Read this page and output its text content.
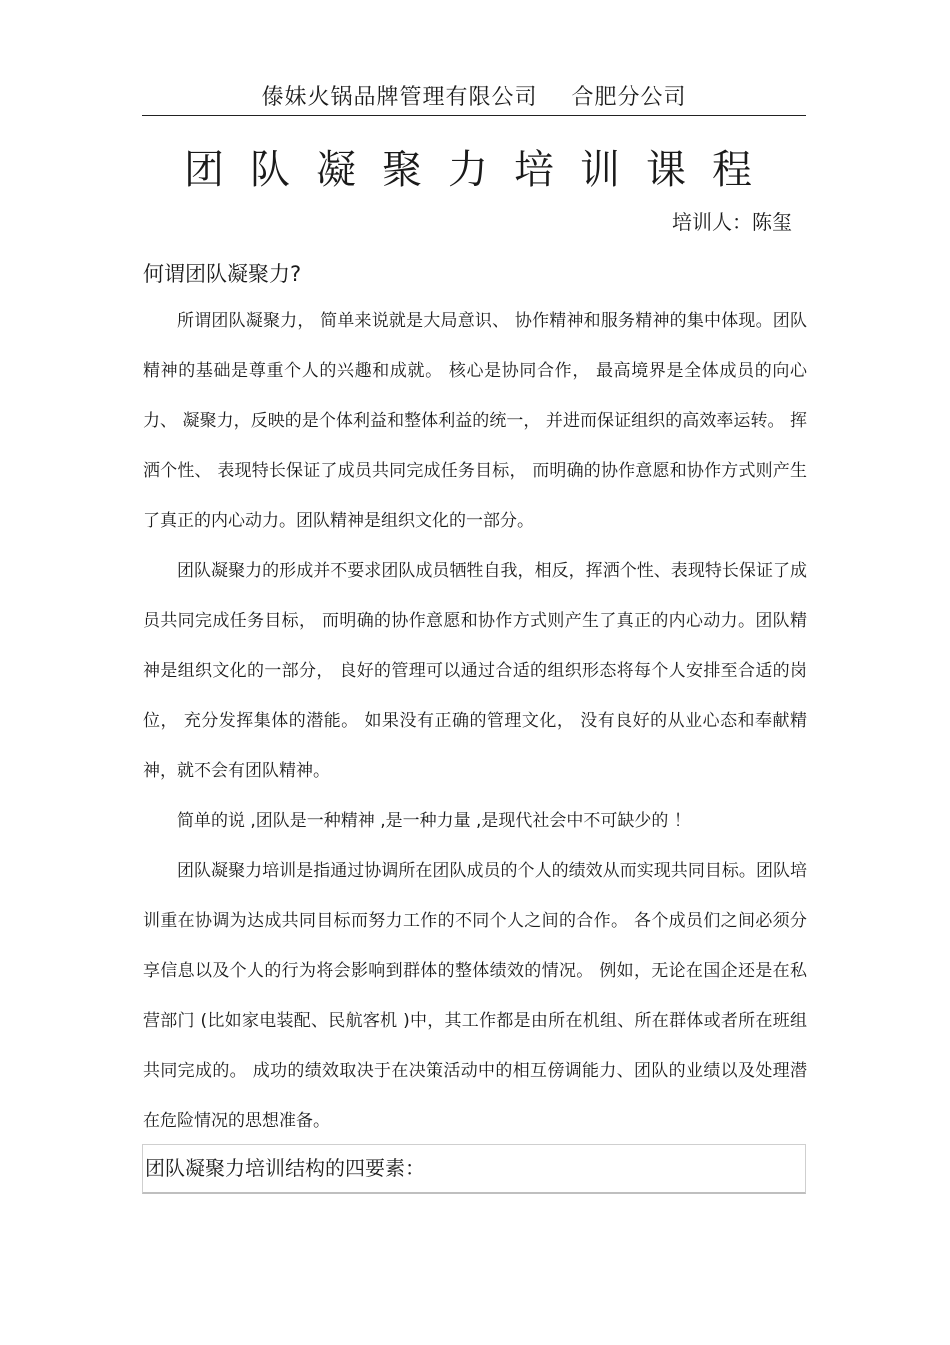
傣妹火锅品牌管理有限公司 合肥分公司
团队凝聚力培训课程
培训人：陈玺
何谓团队凝聚力?

所谓团队凝聚力， 简单来说就是大局意识、 协作精神和服务精神的集中体现。团队精神的基础是尊重个人的兴趣和成就。 核心是协同合作， 最高境界是全体成员的向心力、 凝聚力，反映的是个体利益和整体利益的统一， 并进而保证组织的高效率运转。 挥洒个性、 表现特长保证了成员共同完成任务目标， 而明确的协作意愿和协作方式则产生了真正的内心动力。团队精神是组织文化的一部分。

团队凝聚力的形成并不要求团队成员牺牲自我，相反，挥洒个性、表现特长保证了成员共同完成任务目标， 而明确的协作意愿和协作方式则产生了真正的内心动力。团队精神是组织文化的一部分， 良好的管理可以通过合适的组织形态将每个人安排至合适的岗位， 充分发挥集体的潜能。 如果没有正确的管理文化， 没有良好的从业心态和奉献精神，就不会有团队精神。

简单的说 ,团队是一种精神 ,是一种力量 ,是现代社会中不可缺少的 ！

团队凝聚力培训是指通过协调所在团队成员的个人的绩效从而实现共同目标。团队培训重在协调为达成共同目标而努力工作的不同个人之间的合作。 各个成员们之间必须分享信息以及个人的行为将会影响到群体的整体绩效的情况。 例如，无论在国企还是在私营部门 (比如家电装配、民航客机 )中，其工作都是由所在机组、所在群体或者所在班组共同完成的。 成功的绩效取决于在决策活动中的相互傍调能力、团队的业绩以及处理潜在危险情况的思想准备。

团队凝聚力培训结构的四要素：
